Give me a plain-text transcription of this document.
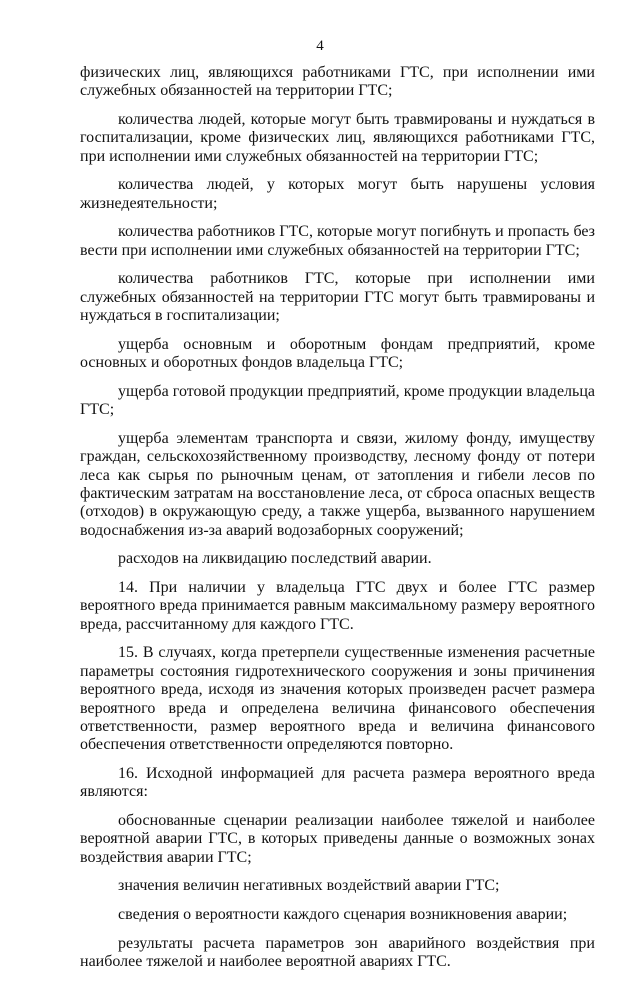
4

физических лиц, являющихся работниками ГТС, при исполнении ими служебных обязанностей на территории ГТС;

количества людей, которые могут быть травмированы и нуждаться в госпитализации, кроме физических лиц, являющихся работниками ГТС, при исполнении ими служебных обязанностей на территории ГТС;

количества людей, у которых могут быть нарушены условия жизнедеятельности;

количества работников ГТС, которые могут погибнуть и пропасть без вести при исполнении ими служебных обязанностей на территории ГТС;

количества работников ГТС, которые при исполнении ими служебных обязанностей на территории ГТС могут быть травмированы и нуждаться в госпитализации;

ущерба основным и оборотным фондам предприятий, кроме основных и оборотных фондов владельца ГТС;

ущерба готовой продукции предприятий, кроме продукции владельца ГТС;

ущерба элементам транспорта и связи, жилому фонду, имуществу граждан, сельскохозяйственному производству, лесному фонду от потери леса как сырья по рыночным ценам, от затопления и гибели лесов по фактическим затратам на восстановление леса, от сброса опасных веществ (отходов) в окружающую среду, а также ущерба, вызванного нарушением водоснабжения из-за аварий водозаборных сооружений;

расходов на ликвидацию последствий аварии.

14. При наличии у владельца ГТС двух и более ГТС размер вероятного вреда принимается равным максимальному размеру вероятного вреда, рассчитанному для каждого ГТС.

15. В случаях, когда претерпели существенные изменения расчетные параметры состояния гидротехнического сооружения и зоны причинения вероятного вреда, исходя из значения которых произведен расчет размера вероятного вреда и определена величина финансового обеспечения ответственности, размер вероятного вреда и величина финансового обеспечения ответственности определяются повторно.

16. Исходной информацией для расчета размера вероятного вреда являются:

обоснованные сценарии реализации наиболее тяжелой и наиболее вероятной аварии ГТС, в которых приведены данные о возможных зонах воздействия аварии ГТС;

значения величин негативных воздействий аварии ГТС;

сведения о вероятности каждого сценария возникновения аварии;

результаты расчета параметров зон аварийного воздействия при наиболее тяжелой и наиболее вероятной авариях ГТС.
